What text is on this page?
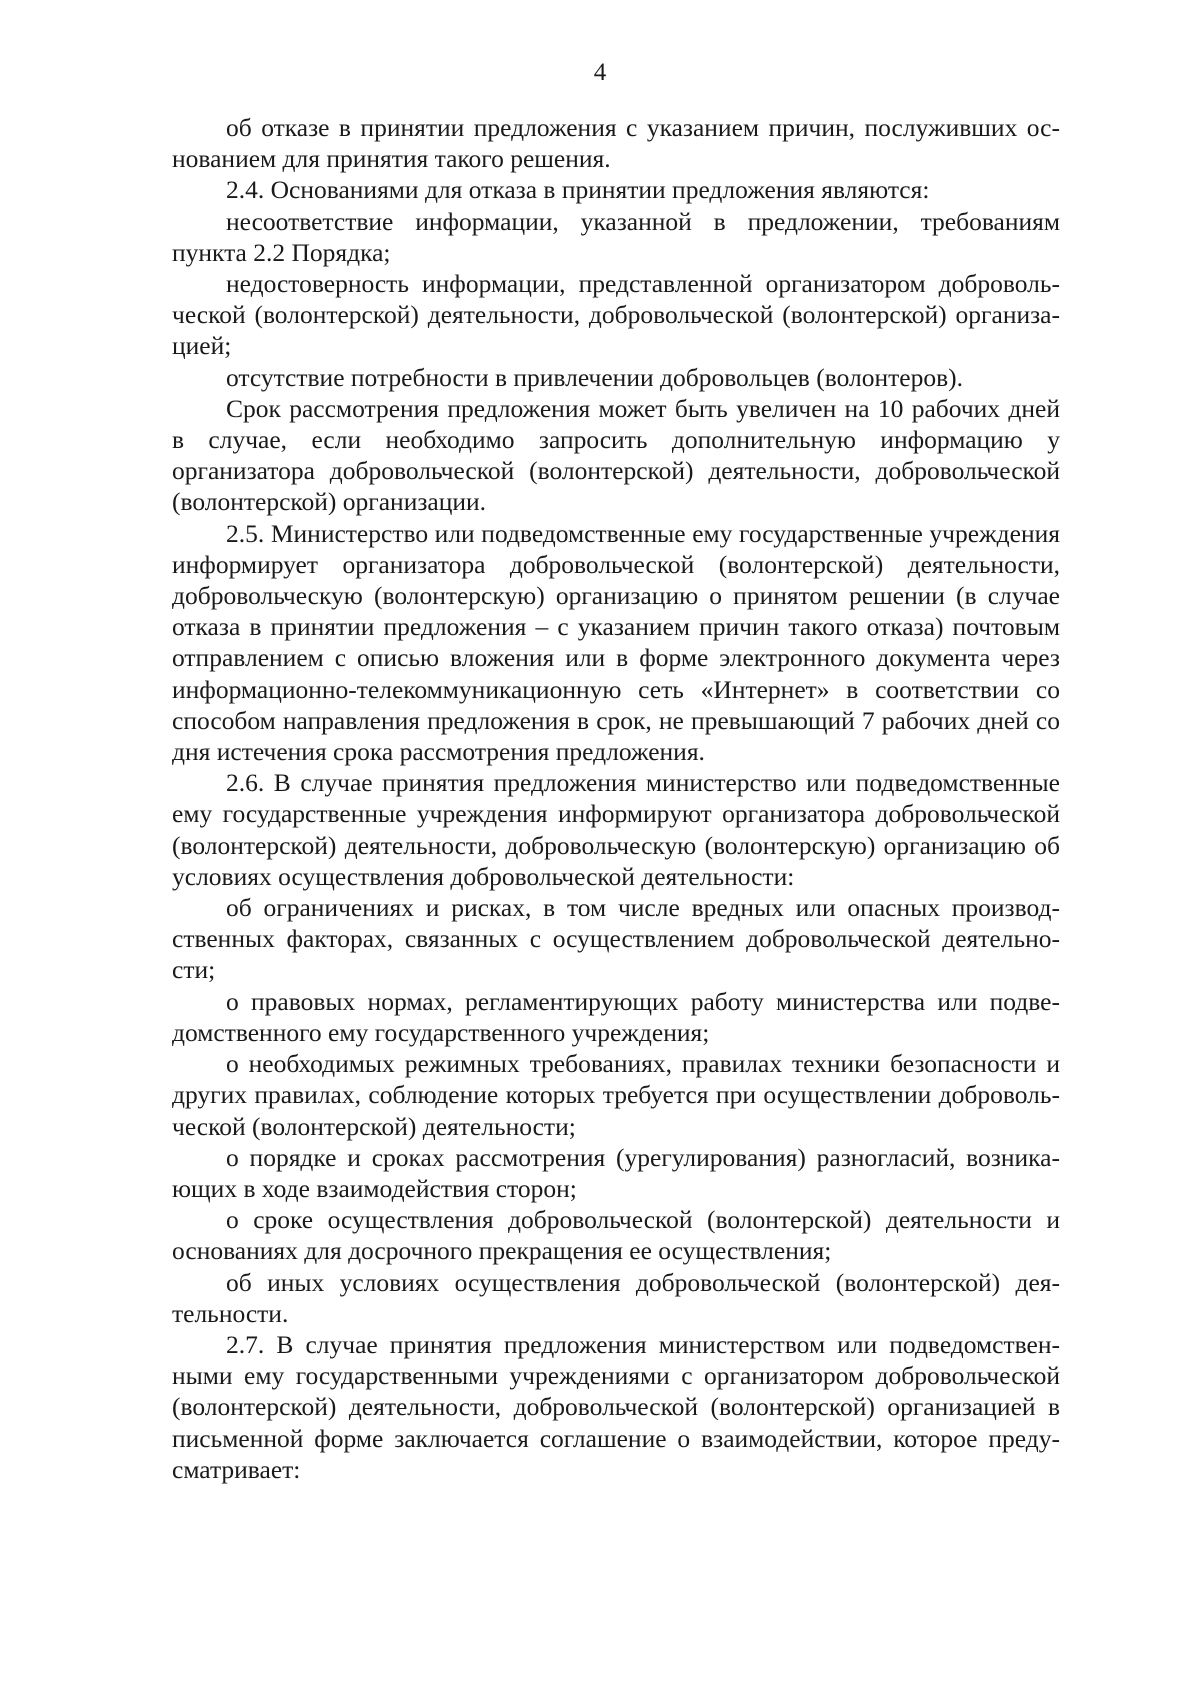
4

об отказе в принятии предложения с указанием причин, послуживших основанием для принятия такого решения.

2.4. Основаниями для отказа в принятии предложения являются:

несоответствие информации, указанной в предложении, требованиям пункта 2.2 Порядка;

недостоверность информации, представленной организатором добровольческой (волонтерской) деятельности, добровольческой (волонтерской) организацией;

отсутствие потребности в привлечении добровольцев (волонтеров).

Срок рассмотрения предложения может быть увеличен на 10 рабочих дней в случае, если необходимо запросить дополнительную информацию у организатора добровольческой (волонтерской) деятельности, добровольческой (волонтерской) организации.

2.5. Министерство или подведомственные ему государственные учреждения информирует организатора добровольческой (волонтерской) деятельности, добровольческую (волонтерскую) организацию о принятом решении (в случае отказа в принятии предложения – с указанием причин такого отказа) почтовым отправлением с описью вложения или в форме электронного документа через информационно-телекоммуникационную сеть «Интернет» в соответствии со способом направления предложения в срок, не превышающий 7 рабочих дней со дня истечения срока рассмотрения предложения.

2.6. В случае принятия предложения министерство или подведомственные ему государственные учреждения информируют организатора добровольческой (волонтерской) деятельности, добровольческую (волонтерскую) организацию об условиях осуществления добровольческой деятельности:

об ограничениях и рисках, в том числе вредных или опасных производственных факторах, связанных с осуществлением добровольческой деятельности;

о правовых нормах, регламентирующих работу министерства или подведомственного ему государственного учреждения;

о необходимых режимных требованиях, правилах техники безопасности и других правилах, соблюдение которых требуется при осуществлении добровольческой (волонтерской) деятельности;

о порядке и сроках рассмотрения (урегулирования) разногласий, возникающих в ходе взаимодействия сторон;

о сроке осуществления добровольческой (волонтерской) деятельности и основаниях для досрочного прекращения ее осуществления;

об иных условиях осуществления добровольческой (волонтерской) деятельности.

2.7. В случае принятия предложения министерством или подведомственными ему государственными учреждениями с организатором добровольческой (волонтерской) деятельности, добровольческой (волонтерской) организацией в письменной форме заключается соглашение о взаимодействии, которое предусматривает:
